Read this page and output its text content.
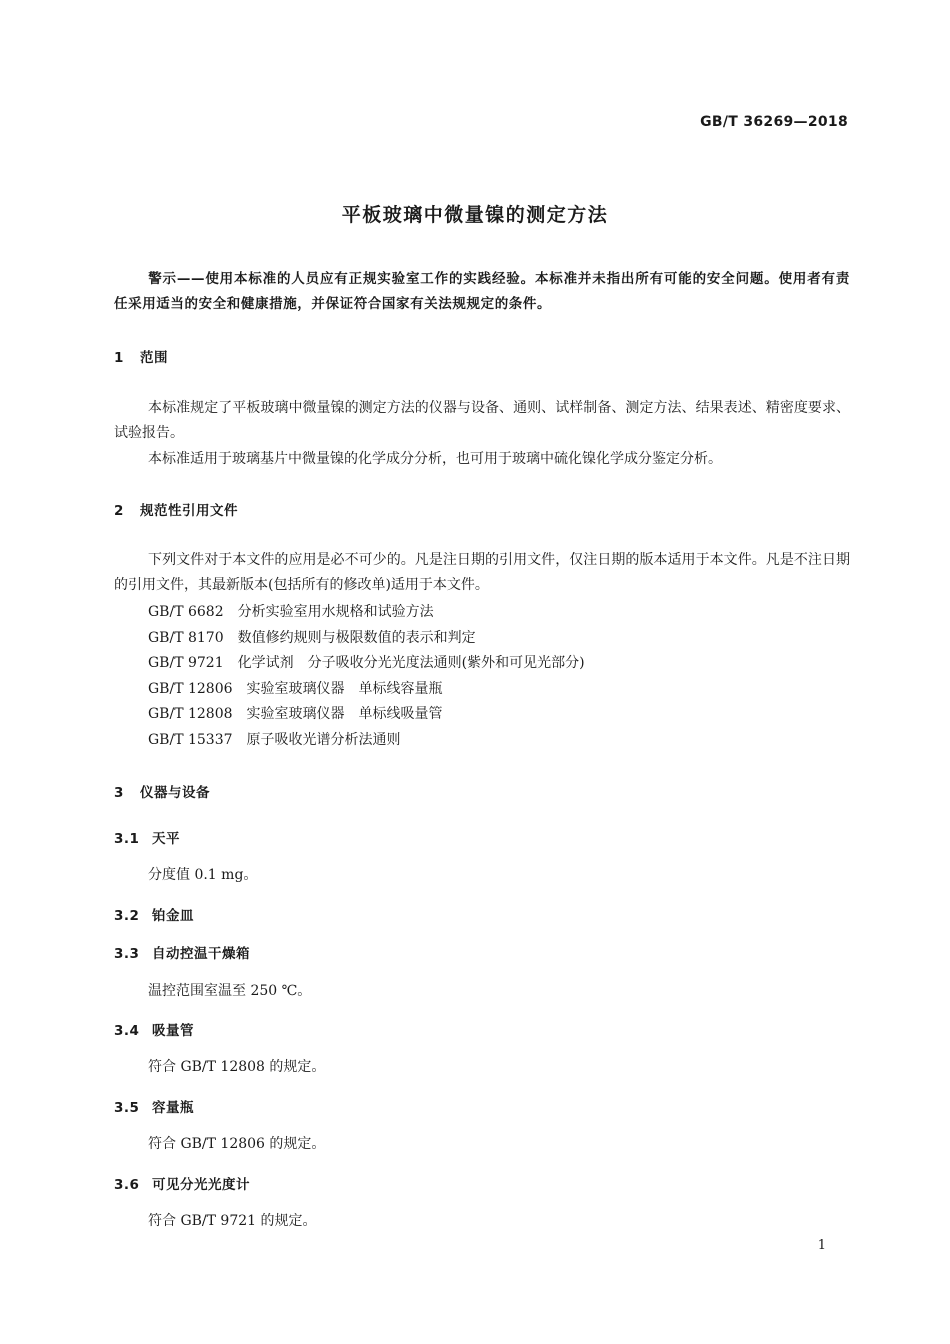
GB/T 36269—2018
平板玻璃中微量镍的测定方法

警示——使用本标准的人员应有正规实验室工作的实践经验。本标准并未指出所有可能的安全问题。使用者有责任采用适当的安全和健康措施，并保证符合国家有关法规规定的条件。

1 范围

本标准规定了平板玻璃中微量镍的测定方法的仪器与设备、通则、试样制备、测定方法、结果表述、精密度要求、试验报告。

本标准适用于玻璃基片中微量镍的化学成分分析，也可用于玻璃中硫化镍化学成分鉴定分析。

2 规范性引用文件

下列文件对于本文件的应用是必不可少的。凡是注日期的引用文件，仅注日期的版本适用于本文件。凡是不注日期的引用文件，其最新版本(包括所有的修改单)适用于本文件。

GB/T 6682 分析实验室用水规格和试验方法
GB/T 8170 数值修约规则与极限数值的表示和判定
GB/T 9721 化学试剂　分子吸收分光光度法通则(紫外和可见光部分)
GB/T 12806 实验室玻璃仪器　单标线容量瓶
GB/T 12808 实验室玻璃仪器　单标线吸量管
GB/T 15337 原子吸收光谱分析法通则
3 仪器与设备
3.1 天平
分度值 0.1 mg。
3.2 铂金皿
3.3 自动控温干燥箱
温控范围室温至 250 ℃。
3.4 吸量管
符合 GB/T 12808 的规定。
3.5 容量瓶
符合 GB/T 12806 的规定。
3.6 可见分光光度计
符合 GB/T 9721 的规定。
1
